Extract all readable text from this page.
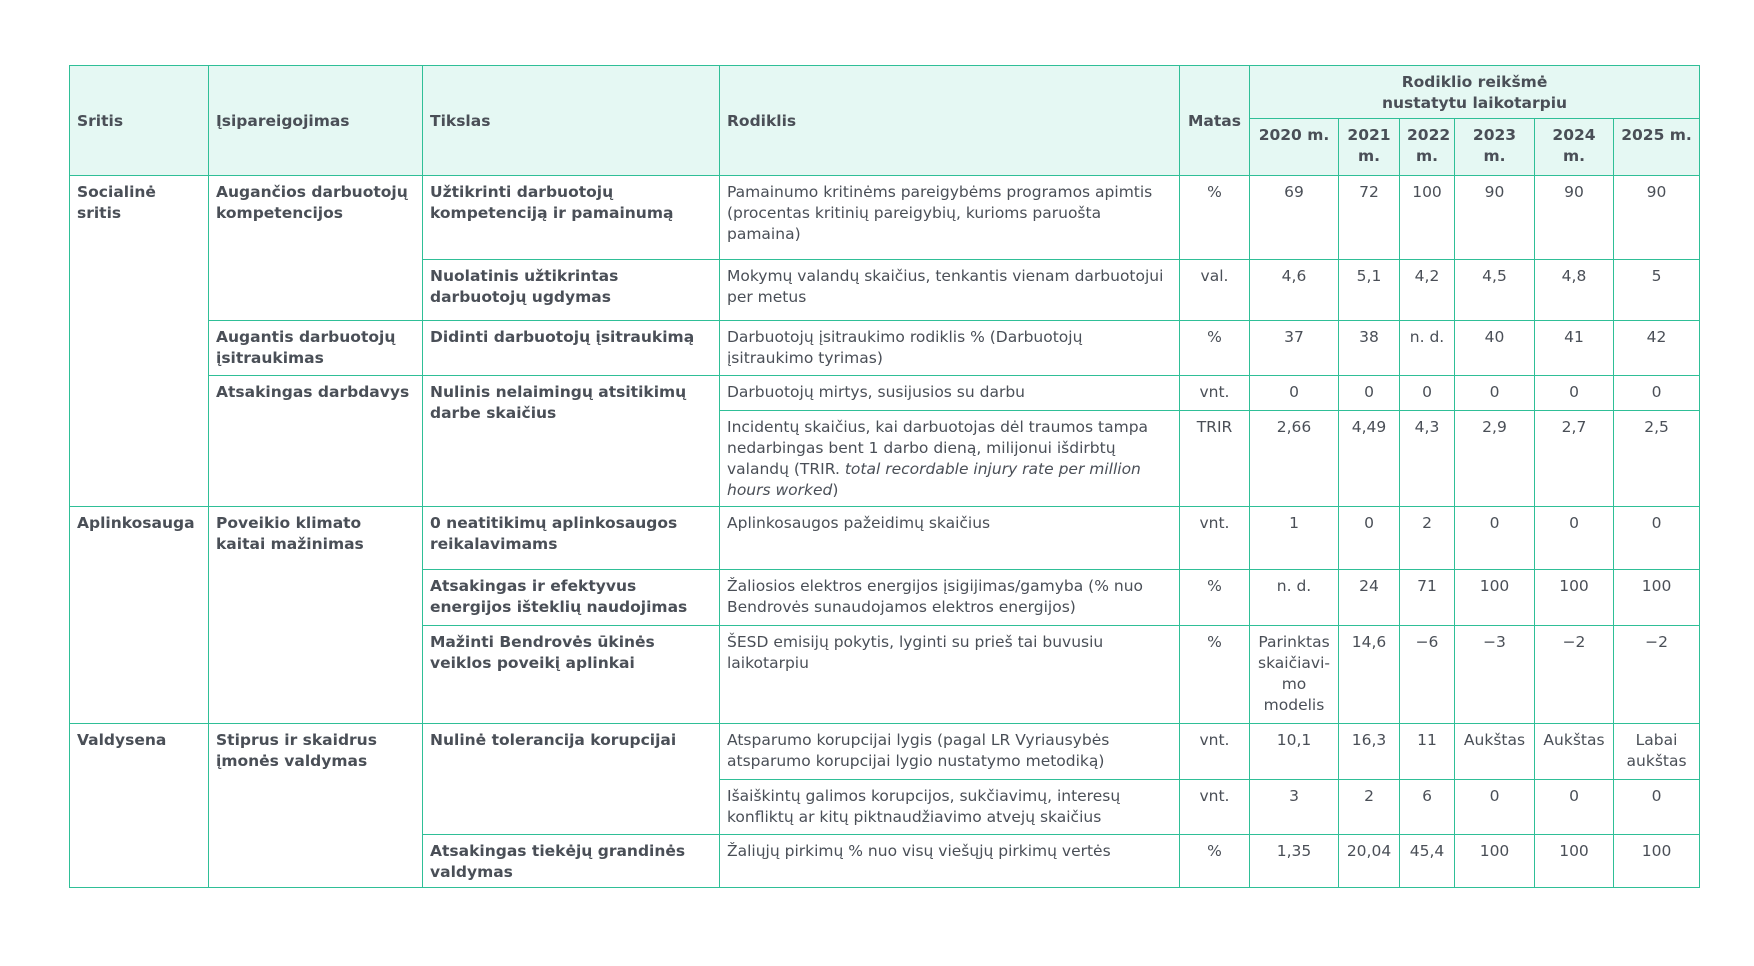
Sritis	Įsipareigojimas	Tikslas	Rodiklis	Matas	Rodiklio reikšmė nustatytu laikotarpiu					
					2020 m.	2021 m.	2022 m.	2023 m.	2024 m.	2025 m.
Socialinė sritis	Augančios darbuotojų kompetencijos	Užtikrinti darbuotojų kompetenciją ir pamainumą	Pamainumo kritinėms pareigybėms programos apimtis (procentas kritinių pareigybių, kurioms paruošta pamaina)	%	69	72	100	90	90	90
		Nuolatinis užtikrintas darbuotojų ugdymas	Mokymų valandų skaičius, tenkantis vienam darbuotojui per metus	val.	4,6	5,1	4,2	4,5	4,8	5
	Augantis darbuotojų įsitraukimas	Didinti darbuotojų įsitraukimą	Darbuotojų įsitraukimo rodiklis % (Darbuotojų įsitraukimo tyrimas)	%	37	38	n. d.	40	41	42
	Atsakingas darbdavys	Nulinis nelaimingų atsitikimų darbe skaičius	Darbuotojų mirtys, susijusios su darbu	vnt.	0	0	0	0	0	0
			Incidentų skaičius, kai darbuotojas dėl traumos tampa nedarbingas bent 1 darbo dieną, milijonui išdirbtų valandų (TRIR. total recordable injury rate per million hours worked)	TRIR	2,66	4,49	4,3	2,9	2,7	2,5
Aplinkosauga	Poveikio klimato kaitai mažinimas	0 neatitikimų aplinkosaugos reikalavimams	Aplinkosaugos pažeidimų skaičius	vnt.	1	0	2	0	0	0
		Atsakingas ir efektyvus energijos išteklių naudojimas	Žaliosios elektros energijos įsigijimas/gamyba (% nuo Bendrovės sunaudojamos elektros energijos)	%	n. d.	24	71	100	100	100
		Mažinti Bendrovės ūkinės veiklos poveikį aplinkai	ŠESD emisijų pokytis, lyginti su prieš tai buvusiu laikotarpiu	%	Parinktas skaičiavi-mo modelis	14,6	−6	−3	−2	−2
Valdysena	Stiprus ir skaidrus įmonės valdymas	Nulinė tolerancija korupcijai	Atsparumo korupcijai lygis (pagal LR Vyriausybės atsparumo korupcijai lygio nustatymo metodiką)	vnt.	10,1	16,3	11	Aukštas	Aukštas	Labai aukštas
			Išaiškintų galimos korupcijos, sukčiavimų, interesų konfliktų ar kitų piktnaudžiavimo atvejų skaičius	vnt.	3	2	6	0	0	0
		Atsakingas tiekėjų grandinės valdymas	Žaliųjų pirkimų % nuo visų viešųjų pirkimų vertės	%	1,35	20,04	45,4	100	100	100
